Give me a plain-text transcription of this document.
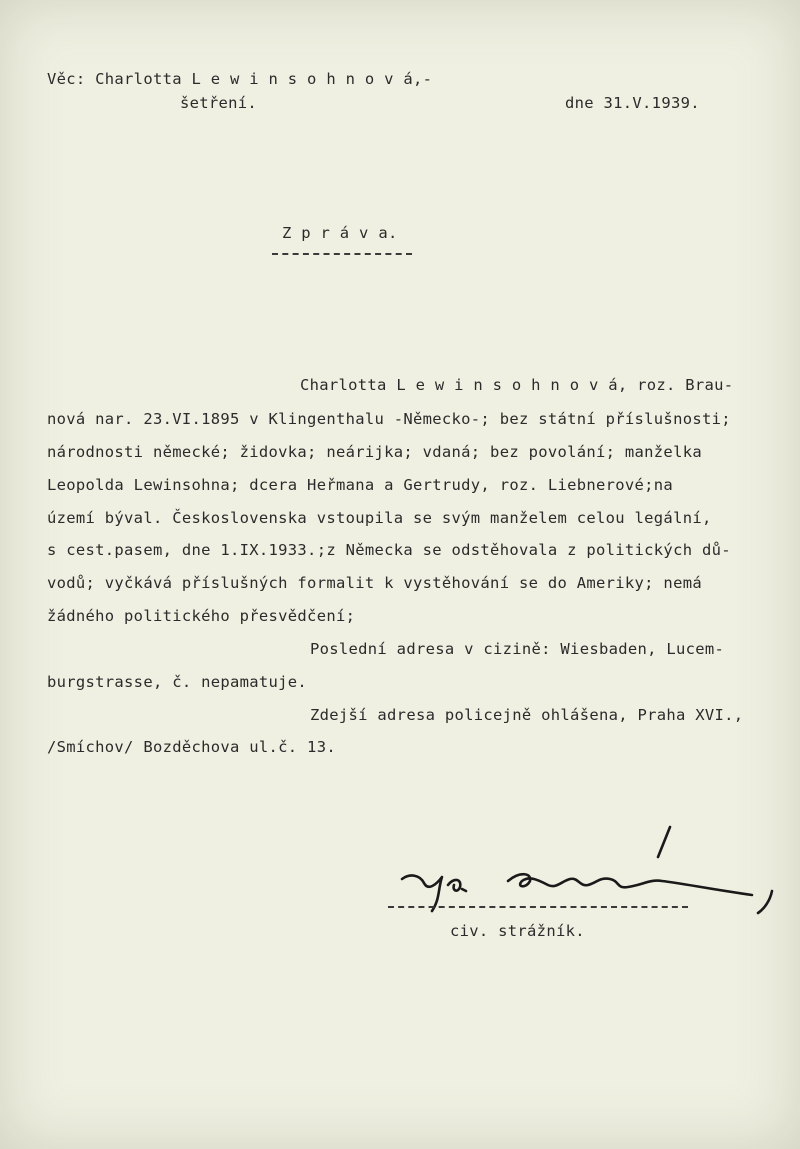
Věc: Charlotta L e w i n s o h n o v á,-
šetření.	dne 31.V.1939.
Z p r á v a.

Charlotta L e w i n s o h n o v á, roz. Brau-

nová nar. 23.VI.1895 v Klingenthalu -Německo-; bez státní příslušnosti;

národnosti německé; židovka; neárijka; vdaná; bez povolání; manželka

Leopolda Lewinsohna; dcera Heřmana a Gertrudy, roz. Liebnerové;na

území býval. Československa vstoupila se svým manželem celou legální,

s cest.pasem, dne 1.IX.1933.;z Německa se odstěhovala z politických dů-

vodů; vyčkává příslušných formalit k vystěhování se do Ameriky; nemá

žádného politického přesvědčení;

Poslední adresa v cizině: Wiesbaden, Lucem-

burgstrasse, č. nepamatuje.

Zdejší adresa policejně ohlášena, Praha XVI.,

/Smíchov/ Bozděchova ul.č. 13.

civ. strážník.
